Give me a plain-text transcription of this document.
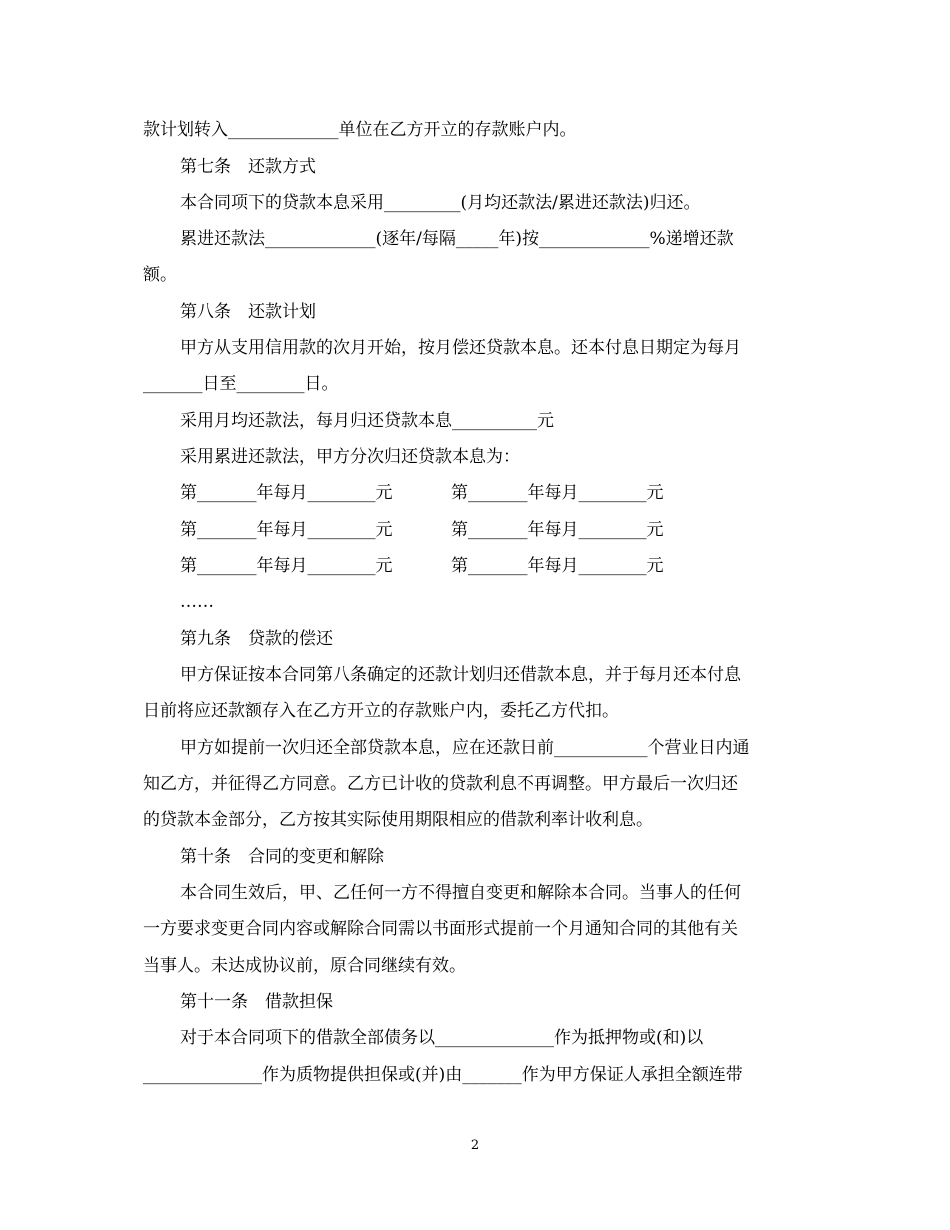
款计划转入_____________单位在乙方开立的存款账户内。
第七条　还款方式
本合同项下的贷款本息采用_________(月均还款法/累进还款法)归还。
累进还款法_____________(逐年/每隔_____年)按_____________%递增还款
额。
第八条　还款计划
甲方从支用信用款的次月开始，按月偿还贷款本息。还本付息日期定为每月
_______日至________日。
采用月均还款法，每月归还贷款本息__________元
采用累进还款法，甲方分次归还贷款本息为：
第_______年每月________元	第_______年每月________元
第_______年每月________元	第_______年每月________元
第_______年每月________元	第_______年每月________元
……
第九条　贷款的偿还
甲方保证按本合同第八条确定的还款计划归还借款本息，并于每月还本付息
日前将应还款额存入在乙方开立的存款账户内，委托乙方代扣。
甲方如提前一次归还全部贷款本息，应在还款日前___________个营业日内通
知乙方，并征得乙方同意。乙方已计收的贷款利息不再调整。甲方最后一次归还
的贷款本金部分，乙方按其实际使用期限相应的借款利率计收利息。
第十条　合同的变更和解除
本合同生效后，甲、乙任何一方不得擅自变更和解除本合同。当事人的任何
一方要求变更合同内容或解除合同需以书面形式提前一个月通知合同的其他有关
当事人。未达成协议前，原合同继续有效。
第十一条　借款担保
对于本合同项下的借款全部债务以______________作为抵押物或(和)以
______________作为质物提供担保或(并)由_______作为甲方保证人承担全额连带
2
